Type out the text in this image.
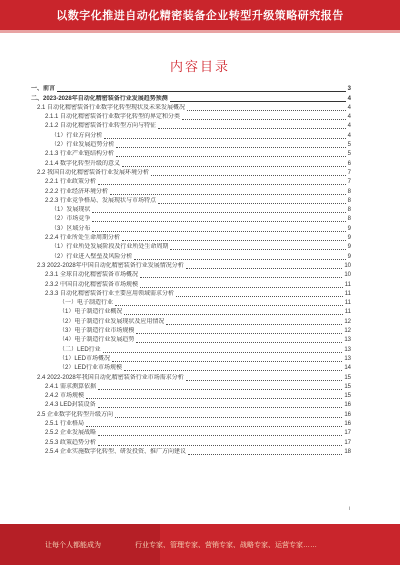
以数字化推进自动化精密装备企业转型升级策略研究报告
内容目录
一、前言	3
二、2023-2028年自动化精密装备行业发展趋势预测	4
2.1 自动化精密装备行业数字化转型现状及未来发展概况	4
2.1.1 自动化精密装备行业数字化转型的界定和分类	4
2.1.2 自动化精密装备行业转型方向与特征	4
（1）行业方向分析	4
（2）行业发展趋势分析	5
2.1.3 行业产业链结构分析	5
2.1.4 数字化转型升级的意义	6
2.2 我国自动化精密装备行业发展环境分析	7
2.2.1 行业政策分析	7
2.2.2 行业经济环境分析	8
2.2.3 行业竞争格局、发展现状与市场特点	8
（1）发展现状	8
（2）市场竞争	8
（3）区域分布	9
2.2.4 行业所处生命周期分析	9
（1）行业所处发展阶段及行业所处生命周期	9
（2）行业进入壁垒及风险分析	9
2.3 2022-2028年中国自动化精密装备行业发展情况分析	10
2.3.1 全球自动化精密装备市场概况	10
2.3.2 中国自动化精密装备市场规模	11
2.3.3 自动化精密装备行业主要应用领域需求分析	11
（一）电子制造行业	11
（1）电子制造行业概况	11
（2）电子制造行业发展现状及应用情况	12
（3）电子制造行业市场规模	12
（4）电子制造行业发展趋势	13
（二）LED行业	13
（1）LED市场概况	13
（2）LED行业市场规模	14
2.4 2022-2028年我国自动化精密装备行业市场需求分析	15
2.4.1 需求测算依据	15
2.4.2 市场规模	15
2.4.3 LED封装设备	16
2.5 企业数字化转型升级方向	16
2.5.1 行业格局	16
2.5.2 企业发展战略	17
2.5.3 政策趋势分析	17
2.5.4 企业实施数字化转型、研发投资、推广方向建议	18
i
让每个人都能成为	行业专家、管理专家、营销专家、战略专家、运营专家……
